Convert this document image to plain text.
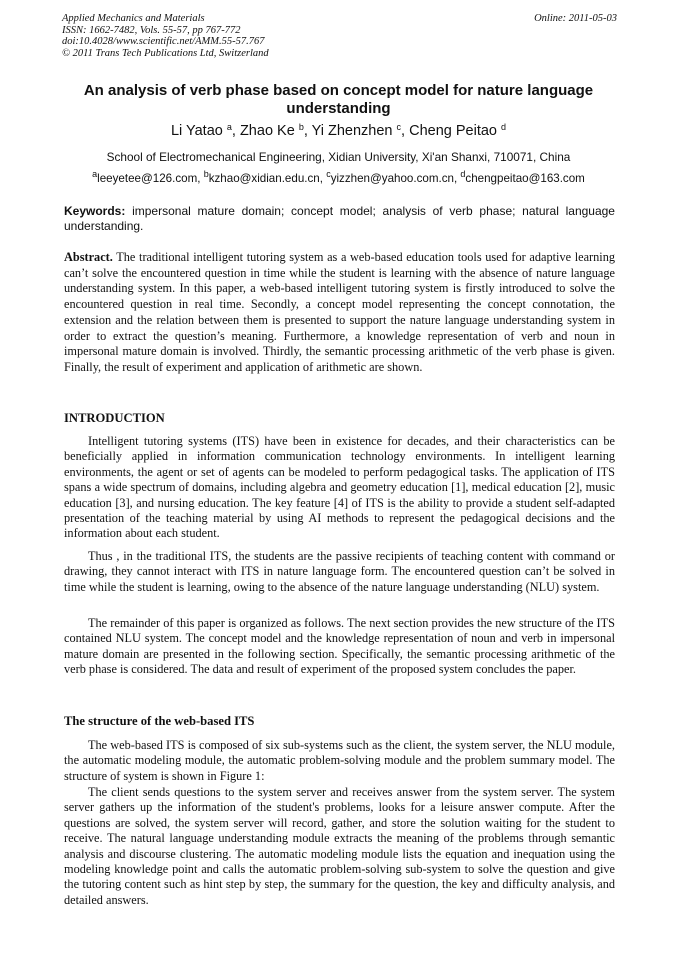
Applied Mechanics and Materials
ISSN: 1662-7482, Vols. 55-57, pp 767-772
doi:10.4028/www.scientific.net/AMM.55-57.767
© 2011 Trans Tech Publications Ltd, Switzerland
Online: 2011-05-03
An analysis of verb phase based on concept model for nature language understanding
Li Yatao $^a$, Zhao Ke $^b$, Yi Zhenzhen $^c$, Cheng Peitao $^d$
School of Electromechanical Engineering, Xidian University, Xi'an Shanxi, 710071, China
$^a$leeyetee@126.com, $^b$kzhao@xidian.edu.cn, $^c$yizzhen@yahoo.com.cn, $^d$chengpeitao@163.com
Keywords: impersonal mature domain; concept model; analysis of verb phase; natural language understanding.
Abstract. The traditional intelligent tutoring system as a web-based education tools used for adaptive learning can’t solve the encountered question in time while the student is learning with the absence of nature language understanding system. In this paper, a web-based intelligent tutoring system is firstly introduced to solve the encountered question in real time. Secondly, a concept model representing the concept connotation, the extension and the relation between them is presented to support the nature language understanding system in order to extract the question’s meaning. Furthermore, a knowledge representation of verb and noun in impersonal mature domain is involved. Thirdly, the semantic processing arithmetic of the verb phase is given. Finally, the result of experiment and application of arithmetic are shown.
INTRODUCTION
Intelligent tutoring systems (ITS) have been in existence for decades, and their characteristics can be beneficially applied in information communication technology environments. In intelligent learning environments, the agent or set of agents can be modeled to perform pedagogical tasks. The application of ITS spans a wide spectrum of domains, including algebra and geometry education [1], medical education [2], music education [3], and nursing education. The key feature [4] of ITS is the ability to provide a student self-adapted presentation of the teaching material by using AI methods to represent the pedagogical decisions and the information about each student.
Thus , in the traditional ITS, the students are the passive recipients of teaching content with command or drawing, they cannot interact with ITS in nature language form. The encountered question can’t be solved in time while the student is learning, owing to the absence of the nature language understanding (NLU) system.
The remainder of this paper is organized as follows. The next section provides the new structure of the ITS contained NLU system. The concept model and the knowledge representation of noun and verb in impersonal mature domain are presented in the following section. Specifically, the semantic processing arithmetic of the verb phase is considered. The data and result of experiment of the proposed system concludes the paper.
The structure of the web-based ITS
The web-based ITS is composed of six sub-systems such as the client, the system server, the NLU module, the automatic modeling module, the automatic problem-solving module and the problem summary model. The structure of system is shown in Figure 1:
The client sends questions to the system server and receives answer from the system server. The system server gathers up the information of the student's problems, looks for a leisure answer compute. After the questions are solved, the system server will record, gather, and store the solution waiting for the student to receive. The natural language understanding module extracts the meaning of the problems through semantic analysis and discourse clustering. The automatic modeling module lists the equation and inequation using the modeling knowledge point and calls the automatic problem-solving sub-system to solve the question and give the tutoring content such as hint step by step, the summary for the question, the key and difficulty analysis, and detailed answers.
